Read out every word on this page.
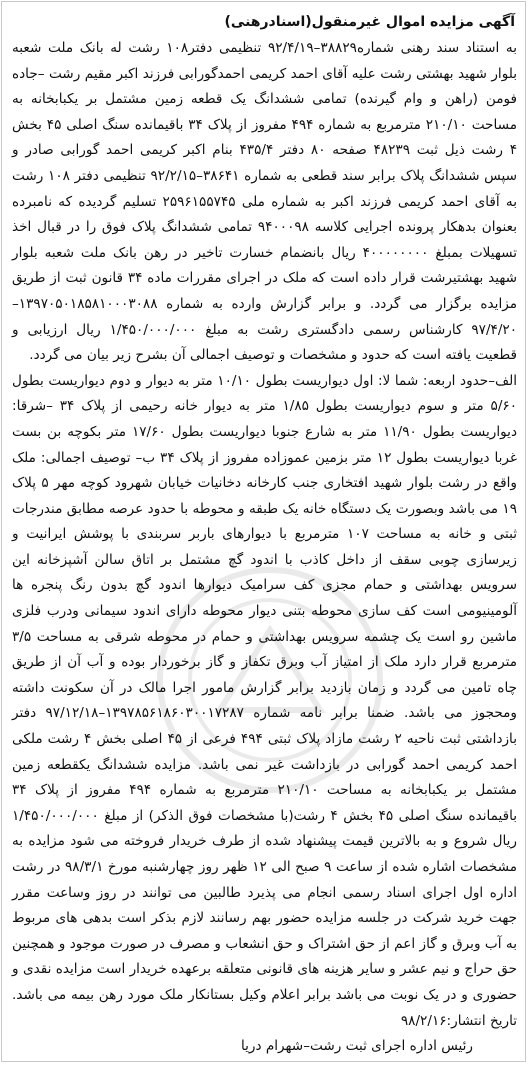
آگهی مزایده اموال غیرمنقول(اسنادرهنی)

به استناد سند رهنی شماره۳۸۸۲۹–۹۲/۴/۱۹ تنظیمی دفتر۱۰۸ رشت له بانک ملت شعبه بلوار شهید بهشتی رشت علیه آقای احمد کریمی احمدگورابی فرزند اکبر مقیم رشت –جاده فومن (راهن و وام گیرنده) تمامی ششدانگ یک قطعه زمین مشتمل بر یکبابخانه به مساحت ۲۱۰/۱۰ مترمربع به شماره ۴۹۴ مفروز از پلاک ۳۴ باقیمانده سنگ اصلی ۴۵ بخش ۴ رشت ذیل ثبت ۴۸۲۳۹ صفحه ۸۰ دفتر ۴۳۵/۴ بنام اکبر کریمی احمد گورابی صادر و سپس ششدانگ پلاک برابر سند قطعی به شماره ۳۸۶۴۱–۹۲/۲/۱۵ تنظیمی دفتر ۱۰۸ رشت به آقای احمد کریمی فرزند اکبر به شماره ملی ۲۵۹۶۱۵۵۷۴۵ تسلیم گردیده که نامبرده بعنوان بدهکار پرونده اجرایی کلاسه ۹۴۰۰۰۹۸ تمامی ششدانگ پلاک فوق را در قبال اخذ تسهیلات بمبلغ ۴۰۰۰۰۰۰۰۰ ریال بانضمام خسارت تاخیر در رهن بانک ملت شعبه بلوار شهید بهشتیرشت قرار داده است که ملک در اجرای مقررات ماده ۳۴ قانون ثبت از طریق مزایده برگزار می گردد. و برابر گزارش وارده به شماره ۱۳۹۷۰۵۰۱۸۵۸۱۰۰۰۳۰۸۸– ۹۷/۴/۲۰ کارشناس رسمی دادگستری رشت به مبلغ ۱/۴۵۰/۰۰۰/۰۰۰ ریال ارزیابی و قطعیت یافته است که حدود و مشخصات و توصیف اجمالی آن بشرح زیر بیان می گردد.

الف–حدود اربعه: شما لا: اول دیواریست بطول ۱۰/۱۰ متر به دیوار و دوم دیواریست بطول ۵/۶۰ متر و سوم دیواریست بطول ۱/۸۵ متر به دیوار خانه رحیمی از پلاک ۳۴ –شرقا: دیواریست بطول ۱۱/۹۰ متر به شارع جنوبا دیواریست بطول ۱۷/۶۰ متر بکوچه بن بست غربا دیواریست بطول ۱۲ متر بزمین عموزاده مفروز از پلاک ۳۴ ب– توصیف اجمالی: ملک واقع در رشت بلوار شهید افتخاری جنب کارخانه دخانیات خیابان شهرود کوچه مهر ۵ پلاک ۱۹ می باشد وبصورت یک دستگاه خانه یک طبقه و محوطه با حدود عرصه مطابق مندرجات ثبتی و خانه به مساحت ۱۰۷ مترمربع با دیوارهای باربر سربندی با پوشش ایرانیت و زیرسازی چوبی سقف از داخل کاذب با اندود گچ مشتمل بر اتاق سالن آشپزخانه این سرویس بهداشتی و حمام مجزی کف سرامیک دیوارها اندود گچ بدون رنگ پنجره ها آلومینیومی است کف سازی محوطه بتنی دیوار محوطه دارای اندود سیمانی ودرب فلزی ماشین رو است یک چشمه سرویس بهداشتی و حمام در محوطه شرقی به مساحت ۳/۵ مترمربع قرار دارد ملک از امتیاز آب وبرق تکفاز و گاز برخوردار بوده و آب آن از طریق چاه تامین می گردد و زمان بازدید برابر گزارش مامور اجرا مالک در آن سکونت داشته ومحجوز می باشد. ضمنا برابر نامه شماره ۱۳۹۷۸۵۶۱۸۶۰۳۰۰۱۷۲۸۷–۹۷/۱۲/۱۸ دفتر بازداشتی ثبت ناحیه ۲ رشت مازاد پلاک ثبتی ۴۹۴ فرعی از ۴۵ اصلی بخش ۴ رشت ملکی احمد کریمی احمد گورابی در بازداشت غیر نمی باشد. مزایده ششدانگ یکقطعه زمین مشتمل بر یکبابخانه به مساحت ۲۱۰/۱۰ مترمربع به شماره ۴۹۴ مفروز از پلاک ۳۴ باقیمانده سنگ اصلی ۴۵ بخش ۴ رشت(با مشخصات فوق الذکر) از مبلغ ۱/۴۵۰/۰۰۰/۰۰۰ ریال شروع و به بالاترین قیمت پیشنهاد شده از طرف خریدار فروخته می شود مزایده به مشخصات اشاره شده از ساعت ۹ صبح الی ۱۲ ظهر روز چهارشنبه مورخ ۹۸/۳/۱ در رشت اداره اول اجرای اسناد رسمی انجام می پذیرد طالبین می توانند در روز وساعت مقرر جهت خرید شرکت در جلسه مزایده حضور بهم رسانند لازم بذکر است بدهی های مربوط به آب وبرق و گاز اعم از حق اشتراک و حق انشعاب و مصرف در صورت موجود و همچنین حق حراج و نیم عشر و سایر هزینه های قانونی متعلقه برعهده خریدار است مزایده نقدی و حضوری و در یک نوبت می باشد برابر اعلام وکیل بستانکار ملک مورد رهن بیمه می باشد. تاریخ انتشار:۹۸/۲/۱۶

رئیس اداره اجرای ثبت رشت–شهرام دریا
